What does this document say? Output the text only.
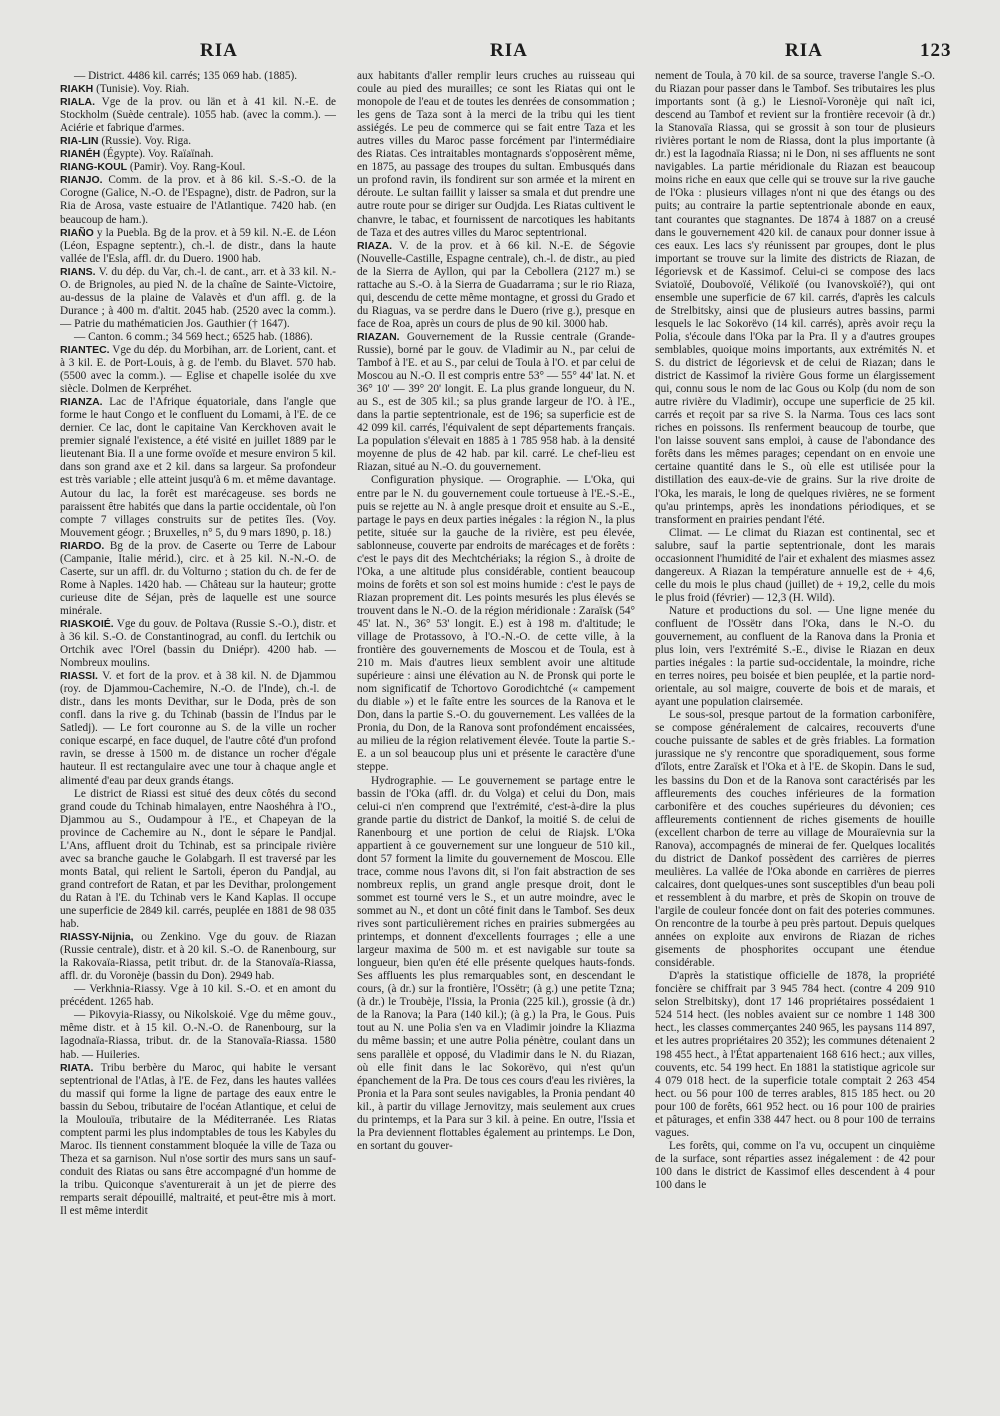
RIA	RIA	RIA	123

— District. 4486 kil. carrés; 135 069 hab. (1885).

RIAKH (Tunisie). Voy. Riah.

RIALA. Vge de la prov. ou län et à 41 kil. N.-E. de Stockholm (Suède centrale). 1055 hab. (avec la comm.). — Aciérie et fabrique d'armes.

RIA-LIN (Russie). Voy. Riga.

RIANÉH (Égypte). Voy. Raïaïnah.

RIANG-KOUL (Pamir). Voy. Rang-Koul.

RIANJO. Comm. de la prov. et à 86 kil. S.-S.-O. de la Corogne (Galice, N.-O. de l'Espagne), distr. de Padron, sur la Ria de Arosa, vaste estuaire de l'Atlantique. 7420 hab. (en beaucoup de ham.).

RIAÑO y la Puebla. Bg de la prov. et à 59 kil. N.-E. de Léon (Léon, Espagne septentr.), ch.-l. de distr., dans la haute vallée de l'Esla, affl. dr. du Duero. 1900 hab.

RIANS. V. du dép. du Var, ch.-l. de cant., arr. et à 33 kil. N.-O. de Brignoles, au pied N. de la chaîne de Sainte-Victoire, au-dessus de la plaine de Valavès et d'un affl. g. de la Durance ; à 400 m. d'altit. 2045 hab. (2520 avec la comm.). — Patrie du mathématicien Jos. Gauthier († 1647).

— Canton. 6 comm.; 34 569 hect.; 6525 hab. (1886).

RIANTEC. Vge du dép. du Morbihan, arr. de Lorient, cant. et à 3 kil. E. de Port-Louis, à g. de l'emb. du Blavet. 570 hab. (5500 avec la comm.). — Eglise et chapelle isolée du xve siècle. Dolmen de Kerpréhet.

RIANZA. Lac de l'Afrique équatoriale, dans l'angle que forme le haut Congo et le confluent du Lomami, à l'E. de ce dernier. Ce lac, dont le capitaine Van Kerckhoven avait le premier signalé l'existence, a été visité en juillet 1889 par le lieutenant Bia. Il a une forme ovoïde et mesure environ 5 kil. dans son grand axe et 2 kil. dans sa largeur. Sa profondeur est très variable ; elle atteint jusqu'à 6 m. et même davantage. Autour du lac, la forêt est marécageuse. ses bords ne paraissent être habités que dans la partie occidentale, où l'on compte 7 villages construits sur de petites îles. (Voy. Mouvement géogr. ; Bruxelles, n° 5, du 9 mars 1890, p. 18.)

RIARDO. Bg de la prov. de Caserte ou Terre de Labour (Campanie, Italie mérid.), circ. et à 25 kil. N.-N.-O. de Caserte, sur un affl. dr. du Volturno ; station du ch. de fer de Rome à Naples. 1420 hab. — Château sur la hauteur; grotte curieuse dite de Séjan, près de laquelle est une source minérale.

RIASKOIÉ. Vge du gouv. de Poltava (Russie S.-O.), distr. et à 36 kil. S.-O. de Constantinograd, au confl. du Iertchik ou Ortchik avec l'Orel (bassin du Dniépr). 4200 hab. — Nombreux moulins.

RIASSI. V. et fort de la prov. et à 38 kil. N. de Djammou (roy. de Djammou-Cachemire, N.-O. de l'Inde), ch.-l. de distr., dans les monts Devithar, sur le Doda, près de son confl. dans la rive g. du Tchinab (bassin de l'Indus par le Satledj). — Le fort couronne au S. de la ville un rocher conique escarpé, en face duquel, de l'autre côté d'un profond ravin, se dresse à 1500 m. de distance un rocher d'égale hauteur. Il est rectangulaire avec une tour à chaque angle et alimenté d'eau par deux grands étangs.

Le district de Riassi est situé des deux côtés du second grand coude du Tchinab himalayen, entre Naoshéhra à l'O., Djammou au S., Oudampour à l'E., et Chapeyan de la province de Cachemire au N., dont le sépare le Pandjal. L'Ans, affluent droit du Tchinab, est sa principale rivière avec sa branche gauche le Golabgarh. Il est traversé par les monts Batal, qui relient le Sartoli, éperon du Pandjal, au grand contrefort de Ratan, et par les Devithar, prolongement du Ratan à l'E. du Tchinab vers le Kand Kaplas. Il occupe une superficie de 2849 kil. carrés, peuplée en 1881 de 98 035 hab.

RIASSY-Nijnia, ou Zenkino. Vge du gouv. de Riazan (Russie centrale), distr. et à 20 kil. S.-O. de Ranenbourg, sur la Rakovaïa-Riassa, petit tribut. dr. de la Stanovaïa-Riassa, affl. dr. du Voronèje (bassin du Don). 2949 hab.

— Verkhnia-Riassy. Vge à 10 kil. S.-O. et en amont du précédent. 1265 hab.

— Pikovyia-Riassy, ou Nikolskoié. Vge du même gouv., même distr. et à 15 kil. O.-N.-O. de Ranenbourg, sur la Iagodnaïa-Riassa, tribut. dr. de la Stanovaïa-Riassa. 1580 hab. — Huileries.

RIATA. Tribu berbère du Maroc, qui habite le versant septentrional de l'Atlas, à l'E. de Fez, dans les hautes vallées du massif qui forme la ligne de partage des eaux entre le bassin du Sebou, tributaire de l'océan Atlantique, et celui de la Moulouïa, tributaire de la Méditerranée. Les Riatas comptent parmi les plus indomptables de tous les Kabyles du Maroc. Ils tiennent constamment bloquée la ville de Taza ou Theza et sa garnison. Nul n'ose sortir des murs sans un sauf-conduit des Riatas ou sans être accompagné d'un homme de la tribu. Quiconque s'aventurerait à un jet de pierre des remparts serait dépouillé, maltraité, et peut-être mis à mort. Il est même interdit

aux habitants d'aller remplir leurs cruches au ruisseau qui coule au pied des murailles; ce sont les Riatas qui ont le monopole de l'eau et de toutes les denrées de consommation ; les gens de Taza sont à la merci de la tribu qui les tient assiégés. Le peu de commerce qui se fait entre Taza et les autres villes du Maroc passe forcément par l'intermédiaire des Riatas. Ces intraitables montagnards s'opposèrent même, en 1875, au passage des troupes du sultan. Embusqués dans un profond ravin, ils fondirent sur son armée et la mirent en déroute. Le sultan faillit y laisser sa smala et dut prendre une autre route pour se diriger sur Oudjda. Les Riatas cultivent le chanvre, le tabac, et fournissent de narcotiques les habitants de Taza et des autres villes du Maroc septentrional.

RIAZA. V. de la prov. et à 66 kil. N.-E. de Ségovie (Nouvelle-Castille, Espagne centrale), ch.-l. de distr., au pied de la Sierra de Ayllon, qui par la Cebollera (2127 m.) se rattache au S.-O. à la Sierra de Guadarrama ; sur le rio Riaza, qui, descendu de cette même montagne, et grossi du Grado et du Riaguas, va se perdre dans le Duero (rive g.), presque en face de Roa, après un cours de plus de 90 kil. 3000 hab.

RIAZAN. Gouvernement de la Russie centrale (Grande-Russie), borné par le gouv. de Vladimir au N., par celui de Tambof à l'E. et au S., par celui de Toula à l'O. et par celui de Moscou au N.-O. Il est compris entre 53° — 55° 44' lat. N. et 36° 10' — 39° 20' longit. E. La plus grande longueur, du N. au S., est de 305 kil.; sa plus grande largeur de l'O. à l'E., dans la partie septentrionale, est de 196; sa superficie est de 42 099 kil. carrés, l'équivalent de sept départements français. La population s'élevait en 1885 à 1 785 958 hab. à la densité moyenne de plus de 42 hab. par kil. carré. Le chef-lieu est Riazan, situé au N.-O. du gouvernement.

Configuration physique. — Orographie. — L'Oka, qui entre par le N. du gouvernement coule tortueuse à l'E.-S.-E., puis se rejette au N. à angle presque droit et ensuite au S.-E., partage le pays en deux parties inégales : la région N., la plus petite, située sur la gauche de la rivière, est peu élevée, sablonneuse, couverte par endroits de marécages et de forêts : c'est le pays dit des Mechtchériaks; la région S., à droite de l'Oka, a une altitude plus considérable, contient beaucoup moins de forêts et son sol est moins humide : c'est le pays de Riazan proprement dit. Les points mesurés les plus élevés se trouvent dans le N.-O. de la région méridionale : Zaraïsk (54° 45' lat. N., 36° 53' longit. E.) est à 198 m. d'altitude; le village de Protassovo, à l'O.-N.-O. de cette ville, à la frontière des gouvernements de Moscou et de Toula, est à 210 m. Mais d'autres lieux semblent avoir une altitude supérieure : ainsi une élévation au N. de Pronsk qui porte le nom significatif de Tchortovo Gorodichtché (« campement du diable ») et le faîte entre les sources de la Ranova et le Don, dans la partie S.-O. du gouvernement. Les vallées de la Pronia, du Don, de la Ranova sont profondément encaissées, au milieu de la région relativement élevée. Toute la partie S.-E. a un sol beaucoup plus uni et présente le caractère d'une steppe.

Hydrographie. — Le gouvernement se partage entre le bassin de l'Oka (affl. dr. du Volga) et celui du Don, mais celui-ci n'en comprend que l'extrémité, c'est-à-dire la plus grande partie du district de Dankof, la moitié S. de celui de Ranenbourg et une portion de celui de Riajsk. L'Oka appartient à ce gouvernement sur une longueur de 510 kil., dont 57 forment la limite du gouvernement de Moscou. Elle trace, comme nous l'avons dit, si l'on fait abstraction de ses nombreux replis, un grand angle presque droit, dont le sommet est tourné vers le S., et un autre moindre, avec le sommet au N., et dont un côté finit dans le Tambof. Ses deux rives sont particulièrement riches en prairies submergées au printemps, et donnent d'excellents fourrages ; elle a une largeur maxima de 500 m. et est navigable sur toute sa longueur, bien qu'en été elle présente quelques hauts-fonds. Ses affluents les plus remarquables sont, en descendant le cours, (à dr.) sur la frontière, l'Ossëtr; (à g.) une petite Tzna; (à dr.) le Troubèje, l'Issia, la Pronia (225 kil.), grossie (à dr.) de la Ranova; la Para (140 kil.); (à g.) la Pra, le Gous. Puis tout au N. une Polia s'en va en Vladimir joindre la Kliazma du même bassin; et une autre Polia pénètre, coulant dans un sens parallèle et opposé, du Vladimir dans le N. du Riazan, où elle finit dans le lac Sokorëvo, qui n'est qu'un épanchement de la Pra. De tous ces cours d'eau les rivières, la Pronia et la Para sont seules navigables, la Pronia pendant 40 kil., à partir du village Jernovitzy, mais seulement aux crues du printemps, et la Para sur 3 kil. à peine. En outre, l'Issia et la Pra deviennent flottables également au printemps. Le Don, en sortant du gouver-

nement de Toula, à 70 kil. de sa source, traverse l'angle S.-O. du Riazan pour passer dans le Tambof. Ses tributaires les plus importants sont (à g.) le Liesnoï-Voronèje qui naît ici, descend au Tambof et revient sur la frontière recevoir (à dr.) la Stanovaïa Riassa, qui se grossit à son tour de plusieurs rivières portant le nom de Riassa, dont la plus importante (à dr.) est la Iagodnaïa Riassa; ni le Don, ni ses affluents ne sont navigables. La partie méridionale du Riazan est beaucoup moins riche en eaux que celle qui se trouve sur la rive gauche de l'Oka : plusieurs villages n'ont ni que des étangs ou des puits; au contraire la partie septentrionale abonde en eaux, tant courantes que stagnantes. De 1874 à 1887 on a creusé dans le gouvernement 420 kil. de canaux pour donner issue à ces eaux. Les lacs s'y réunissent par groupes, dont le plus important se trouve sur la limite des districts de Riazan, de Iégorievsk et de Kassimof. Celui-ci se compose des lacs Sviatoïé, Doubovoïé, Vélikoïé (ou Ivanovskoïé?), qui ont ensemble une superficie de 67 kil. carrés, d'après les calculs de Strelbitsky, ainsi que de plusieurs autres bassins, parmi lesquels le lac Sokorëvo (14 kil. carrés), après avoir reçu la Polia, s'écoule dans l'Oka par la Pra. Il y a d'autres groupes semblables, quoique moins importants, aux extrémités N. et S. du district de Iégorievsk et de celui de Riazan; dans le district de Kassimof la rivière Gous forme un élargissement qui, connu sous le nom de lac Gous ou Kolp (du nom de son autre rivière du Vladimir), occupe une superficie de 25 kil. carrés et reçoit par sa rive S. la Narma. Tous ces lacs sont riches en poissons. Ils renferment beaucoup de tourbe, que l'on laisse souvent sans emploi, à cause de l'abondance des forêts dans les mêmes parages; cependant on en envoie une certaine quantité dans le S., où elle est utilisée pour la distillation des eaux-de-vie de grains. Sur la rive droite de l'Oka, les marais, le long de quelques rivières, ne se forment qu'au printemps, après les inondations périodiques, et se transforment en prairies pendant l'été.

Climat. — Le climat du Riazan est continental, sec et salubre, sauf la partie septentrionale, dont les marais occasionnent l'humidité de l'air et exhalent des miasmes assez dangereux. A Riazan la température annuelle est de + 4,6, celle du mois le plus chaud (juillet) de + 19,2, celle du mois le plus froid (février) — 12,3 (H. Wild).

Nature et productions du sol. — Une ligne menée du confluent de l'Ossëtr dans l'Oka, dans le N.-O. du gouvernement, au confluent de la Ranova dans la Pronia et plus loin, vers l'extrémité S.-E., divise le Riazan en deux parties inégales : la partie sud-occidentale, la moindre, riche en terres noires, peu boisée et bien peuplée, et la partie nord-orientale, au sol maigre, couverte de bois et de marais, et ayant une population clairsemée.

Le sous-sol, presque partout de la formation carbonifère, se compose généralement de calcaires, recouverts d'une couche puissante de sables et de grès friables. La formation jurassique ne s'y rencontre que sporadiquement, sous forme d'îlots, entre Zaraïsk et l'Oka et à l'E. de Skopin. Dans le sud, les bassins du Don et de la Ranova sont caractérisés par les affleurements des couches inférieures de la formation carbonifère et des couches supérieures du dévonien; ces affleurements contiennent de riches gisements de houille (excellent charbon de terre au village de Mouraïevnia sur la Ranova), accompagnés de minerai de fer. Quelques localités du district de Dankof possèdent des carrières de pierres meulières. La vallée de l'Oka abonde en carrières de pierres calcaires, dont quelques-unes sont susceptibles d'un beau poli et ressemblent à du marbre, et près de Skopin on trouve de l'argile de couleur foncée dont on fait des poteries communes. On rencontre de la tourbe à peu près partout. Depuis quelques années on exploite aux environs de Riazan de riches gisements de phosphorites occupant une étendue considérable.

D'après la statistique officielle de 1878, la propriété foncière se chiffrait par 3 945 784 hect. (contre 4 209 910 selon Strelbitsky), dont 17 146 propriétaires possédaient 1 524 514 hect. (les nobles avaient sur ce nombre 1 148 300 hect., les classes commerçantes 240 965, les paysans 114 897, et les autres propriétaires 20 352); les communes détenaient 2 198 455 hect., à l'État appartenaient 168 616 hect.; aux villes, couvents, etc. 54 199 hect. En 1881 la statistique agricole sur 4 079 018 hect. de la superficie totale comptait 2 263 454 hect. ou 56 pour 100 de terres arables, 815 185 hect. ou 20 pour 100 de forêts, 661 952 hect. ou 16 pour 100 de prairies et pâturages, et enfin 338 447 hect. ou 8 pour 100 de terrains vagues.

Les forêts, qui, comme on l'a vu, occupent un cinquième de la surface, sont réparties assez inégalement : de 42 pour 100 dans le district de Kassimof elles descendent à 4 pour 100 dans le
